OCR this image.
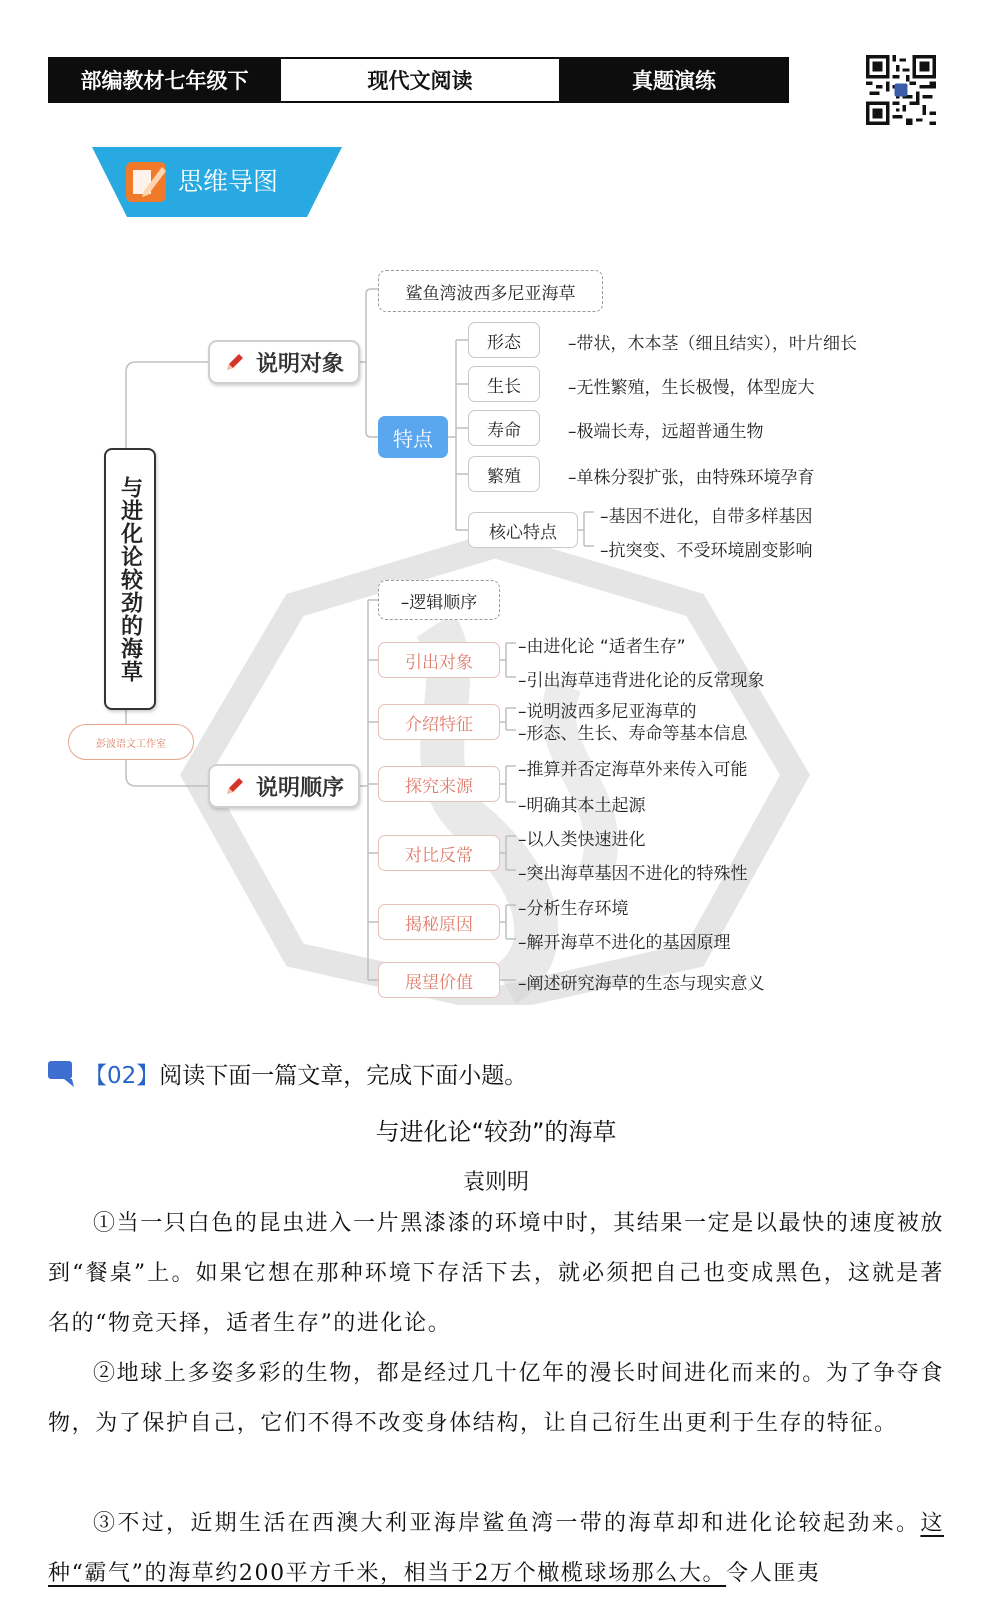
部编教材七年级下	现代文阅读	真题演练
思维导图
与进化论较劲的海草
彭波语文工作室
说明对象
鲨鱼湾波西多尼亚海草
特点
形态	–带状，木本茎（细且结实），叶片细长
生长	–无性繁殖，生长极慢，体型庞大
寿命	–极端长寿，远超普通生物
繁殖	–单株分裂扩张，由特殊环境孕育
核心特点
–基因不进化，自带多样基因
–抗突变、不受环境剧变影响
说明顺序
–逻辑顺序
引出对象
–由进化论 “适者生存”
–引出海草违背进化论的反常现象
介绍特征
–说明波西多尼亚海草的
–形态、生长、寿命等基本信息
探究来源
–推算并否定海草外来传入可能
–明确其本土起源
对比反常
–以人类快速进化
–突出海草基因不进化的特殊性
揭秘原因
–分析生存环境
–解开海草不进化的基因原理
展望价值	–阐述研究海草的生态与现实意义
【02】 阅读下面一篇文章，完成下面小题。
与进化论“较劲”的海草
袁则明
①当一只白色的昆虫进入一片黑漆漆的环境中时，其结果一定是以最快的速度被放到“餐桌”上。如果它想在那种环境下存活下去，就必须把自己也变成黑色，这就是著名的“物竞天择，适者生存”的进化论。
②地球上多姿多彩的生物，都是经过几十亿年的漫长时间进化而来的。为了争夺食物，为了保护自己，它们不得不改变身体结构，让自己衍生出更利于生存的特征。
③不过，近期生活在西澳大利亚海岸鲨鱼湾一带的海草却和进化论较起劲来。这种“霸气”的海草约200平方千米，相当于2万个橄榄球场那么大。令人匪夷
